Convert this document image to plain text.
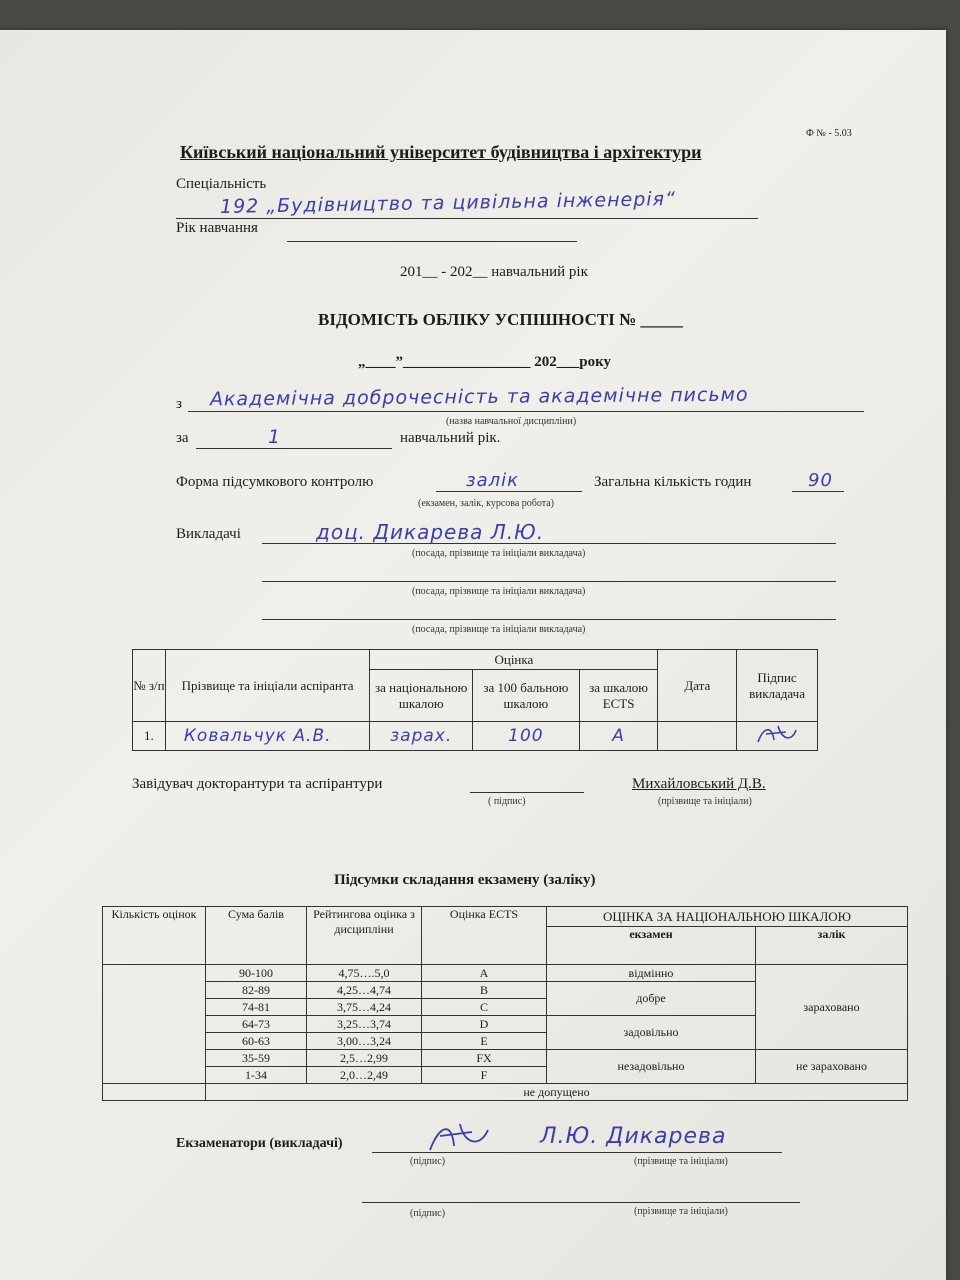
Ф № - 5.03
Київський національний університет будівництва і архітектури
Спеціальність
192 „Будівництво та цивільна інженерія“
Рік навчання
201__ - 202__ навчальний рік
ВІДОМІСТЬ ОБЛІКУ УСПІШНОСТІ № _____
„____”_________________ 202___року
з Академічна доброчесність та академічне письмо
(назва навчальної дисципліни)
за	1	навчальний рік.
Форма підсумкового контролю	залік
(екзамен, залік, курсова робота)
Загальна кількість годин	90
Викладачі	доц. Дикарева Л.Ю.
(посада, прізвище та ініціали викладача)
(посада, прізвище та ініціали викладача)
(посада, прізвище та ініціали викладача)
№ з/п	Прізвище та ініціали аспіранта	Оцінка			Дата	Підпис викладача
		за національною шкалою	за 100 бальною шкалою	за шкалою ECTS		
1.	Ковальчук А.В.	зарах.	100	A		
Завідувач докторантури та аспірантури
( підпис)
Михайловський Д.В.
(прізвище та ініціали)
Підсумки складання екзамену (заліку)
Кількість оцінок	Сума балів	Рейтингова оцінка з дисципліни	Оцінка ECTS	ОЦІНКА ЗА НАЦІОНАЛЬНОЮ ШКАЛОЮ	
				екзамен	залік
	90-100	4,75….5,0	A	відмінно	зараховано
	82-89	4,25…4,74	B	добре	
	74-81	3,75…4,24	C		
	64-73	3,25…3,74	D	задовільно	
	60-63	3,00…3,24	E		
	35-59	2,5…2,99	FX	незадовільно	не зараховано
	1-34	2,0…2,49	F		
	не допущено				
Екзаменатори (викладачі)	Л.Ю. Дикарева
(підпис)	(прізвище та ініціали)
(підпис)	(прізвище та ініціали)
